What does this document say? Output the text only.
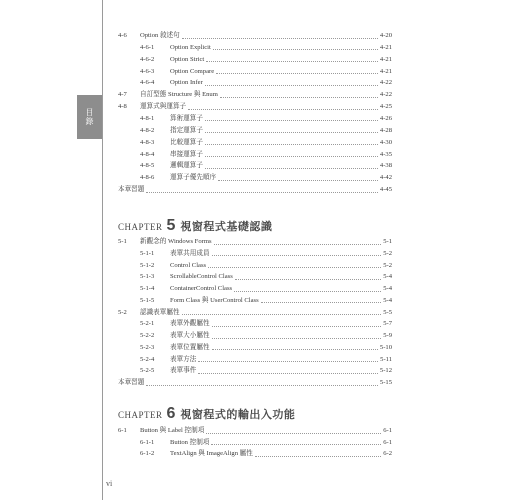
目錄
4-6	Option 敘述句	4-20
4-6-1	Option Explicit	4-21
4-6-2	Option Strict	4-21
4-6-3	Option Compare	4-21
4-6-4	Option Infer	4-22
4-7	自訂型態 Structure 與 Enum	4-22
4-8	運算式與運算子	4-25
4-8-1	算術運算子	4-26
4-8-2	指定運算子	4-28
4-8-3	比較運算子	4-30
4-8-4	串接運算子	4-35
4-8-5	邏輯運算子	4-38
4-8-6	運算子優先順序	4-42
本章習題	4-45
CHAPTER 5 視窗程式基礎認識
5-1	新觀念的 Windows Forms	5-1
5-1-1	表單共用成員	5-2
5-1-2	Control Class	5-2
5-1-3	ScrollableControl Class	5-4
5-1-4	ContainerControl Class	5-4
5-1-5	Form Class 與 UserControl Class	5-4
5-2	認識表單屬性	5-5
5-2-1	表單外觀屬性	5-7
5-2-2	表單大小屬性	5-9
5-2-3	表單位置屬性	5-10
5-2-4	表單方法	5-11
5-2-5	表單事件	5-12
本章習題	5-15
CHAPTER 6 視窗程式的輸出入功能
6-1	Button 與 Label 控制項	6-1
6-1-1	Button 控制項	6-1
6-1-2	TextAlign 與 ImageAlign 屬性	6-2
vi
